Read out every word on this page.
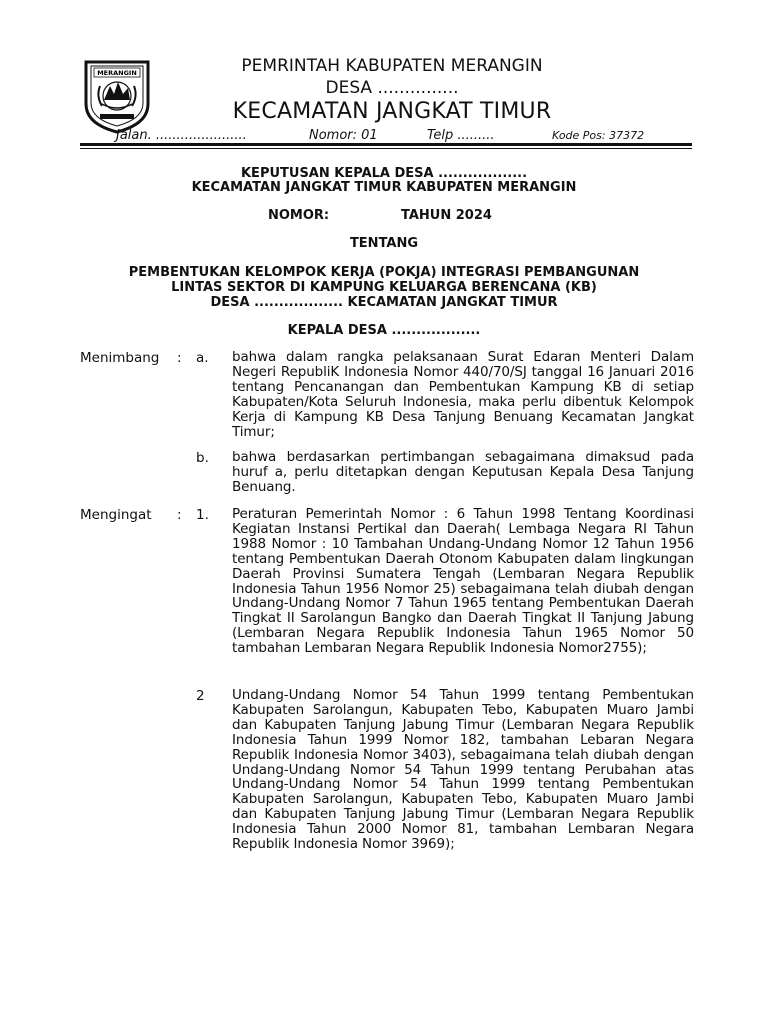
MERANGIN	PEMRINTAH KABUPATEN MERANGIN
DESA ...............
KECAMATAN JANGKAT TIMUR
Jalan. ......................	Nomor: 01	Telp .........	Kode Pos: 37372
KEPUTUSAN KEPALA DESA ..................
KECAMATAN JANGKAT TIMUR KABUPATEN MERANGIN
NOMOR:	TAHUN 2024
TENTANG
PEMBENTUKAN KELOMPOK KERJA (POKJA) INTEGRASI PEMBANGUNAN
LINTAS SEKTOR DI KAMPUNG KELUARGA BERENCANA (KB)
DESA .................. KECAMATAN JANGKAT TIMUR
KEPALA DESA ..................
Menimbang : a. bahwa dalam rangka pelaksanaan Surat Edaran Menteri Dalam Negeri RepubliK Indonesia Nomor 440/70/SJ tanggal 16 Januari 2016 tentang Pencanangan dan Pembentukan Kampung KB di setiap Kabupaten/Kota Seluruh Indonesia, maka perlu dibentuk Kelompok Kerja di Kampung KB Desa Tanjung Benuang Kecamatan Jangkat Timur;
b. bahwa berdasarkan pertimbangan sebagaimana dimaksud pada huruf a, perlu ditetapkan dengan Keputusan Kepala Desa Tanjung Benuang.
Mengingat : 1. Peraturan Pemerintah Nomor : 6 Tahun 1998 Tentang Koordinasi Kegiatan Instansi Pertikal dan Daerah( Lembaga Negara RI Tahun 1988 Nomor : 10 Tambahan Undang-Undang Nomor 12 Tahun 1956 tentang Pembentukan Daerah Otonom Kabupaten dalam lingkungan Daerah Provinsi Sumatera Tengah (Lembaran Negara Republik Indonesia Tahun 1956 Nomor 25) sebagaimana telah diubah dengan Undang-Undang Nomor 7 Tahun 1965 tentang Pembentukan Daerah Tingkat II Sarolangun Bangko dan Daerah Tingkat II Tanjung Jabung (Lembaran Negara Republik Indonesia Tahun 1965 Nomor 50 tambahan Lembaran Negara Republik Indonesia Nomor2755);
2 Undang-Undang Nomor 54 Tahun 1999 tentang Pembentukan Kabupaten Sarolangun, Kabupaten Tebo, Kabupaten Muaro Jambi dan Kabupaten Tanjung Jabung Timur (Lembaran Negara Republik Indonesia Tahun 1999 Nomor 182, tambahan Lebaran Negara Republik Indonesia Nomor 3403), sebagaimana telah diubah dengan Undang-Undang Nomor 54 Tahun 1999 tentang Perubahan atas Undang-Undang Nomor 54 Tahun 1999 tentang Pembentukan Kabupaten Sarolangun, Kabupaten Tebo, Kabupaten Muaro Jambi dan Kabupaten Tanjung Jabung Timur (Lembaran Negara Republik Indonesia Tahun 2000 Nomor 81, tambahan Lembaran Negara Republik Indonesia Nomor 3969);
